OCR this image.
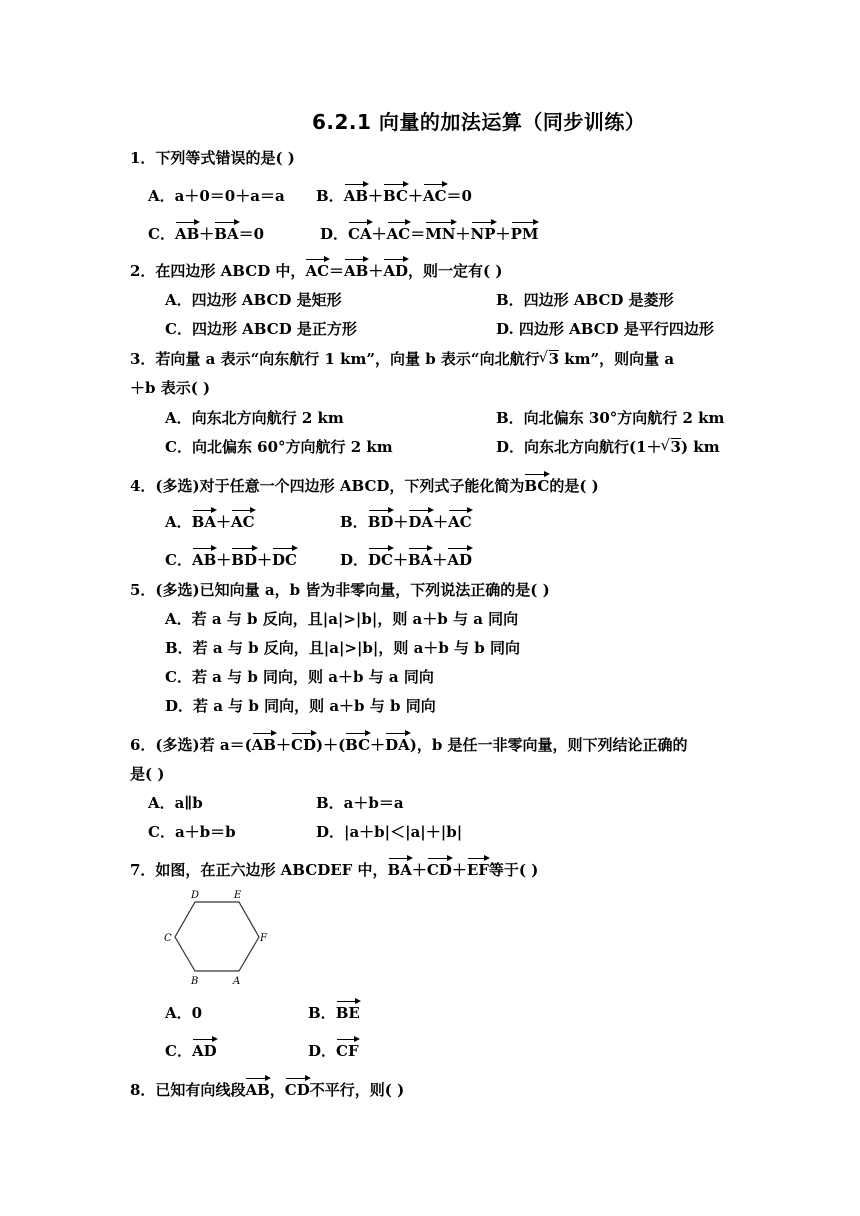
6.2.1 向量的加法运算（同步训练）
1．下列等式错误的是( )
A．a＋0＝0＋a＝a B．AB＋BC＋AC＝0
C．AB＋BA＝0	D．CA＋AC＝MN＋NP＋PM
2．在四边形 ABCD 中，AC＝AB＋AD，则一定有( )
A．四边形 ABCD 是矩形	B．四边形 ABCD 是菱形
C．四边形 ABCD 是正方形	D. 四边形 ABCD 是平行四边形
3．若向量 a 表示“向东航行 1 km”，向量 b 表示“向北航行 √ 3 km”，则向量 a
＋b 表示( )
A．向东北方向航行 2 km	B．向北偏东 30°方向航行 2 km
C．向北偏东 60°方向航行 2 km	D．向东北方向航行(1＋ √ 3) km
4．(多选)对于任意一个四边形 ABCD，下列式子能化简为BC的是( )
A．BA＋AC	B．BD＋DA＋AC
C．AB＋BD＋DC	D．DC＋BA＋AD
5．(多选)已知向量 a，b 皆为非零向量，下列说法正确的是( )
A．若 a 与 b 反向，且|a|>|b|，则 a＋b 与 a 同向
B．若 a 与 b 反向，且|a|>|b|，则 a＋b 与 b 同向
C．若 a 与 b 同向，则 a＋b 与 a 同向
D．若 a 与 b 同向，则 a＋b 与 b 同向
6．(多选)若 a＝(AB＋CD)＋(BC＋DA)，b 是任一非零向量，则下列结论正确的
是( )
A．a∥b	B．a＋b＝a
C．a＋b＝b	D．|a＋b|＜|a|＋|b|
7．如图，在正六边形 ABCDEF 中，BA＋CD＋EF等于( )
D	E
C	F
B	A
A．0	B．BE
C．AD	D．CF
8．已知有向线段AB，CD不平行，则( )
